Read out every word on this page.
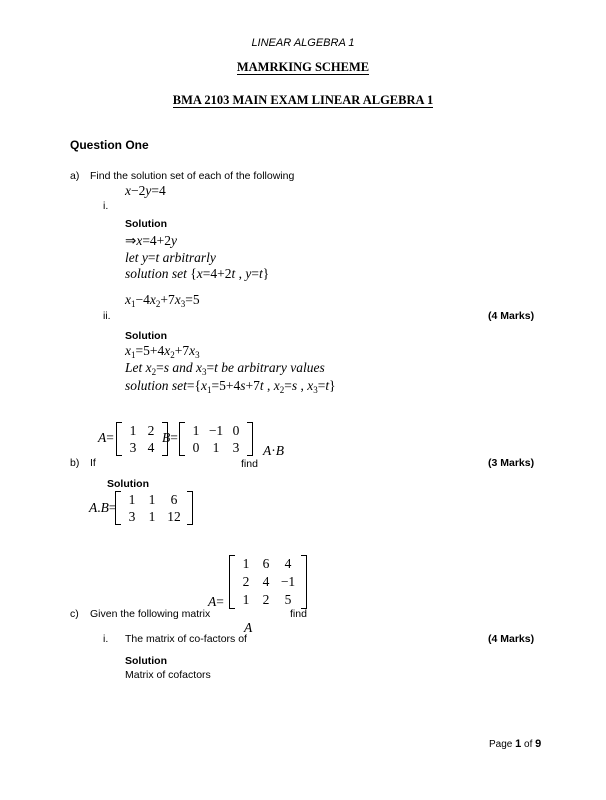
LINEAR ALGEBRA 1
MAMRKING SCHEME
BMA 2103 MAIN EXAM LINEAR ALGEBRA 1
Question One
a) Find the solution set of each of the following
x−2y=4
i.
Solution
⇒x=4+2y
let y=t arbitrarly
solution set {x=4+2t , y=t}
$x_1-4x_2+7x_3=5$
ii.	(4 Marks)
Solution
$x_1=5+4x_2+7x_3$
Let $x_2=s$ and $x_3=t$ be arbitrary values
solution $set=\{x_1=5+4s+7t$ , $x_2=s$ , $x_3=t$}
A=	1 2
3 4
B=	1 −1 0
0 1 3	A·B
b) If	find	(3 Marks)
Solution
A.B=
1 1	6
3 1 12
A=
1 6	4
2 4 −1
1 2	5
c) Given the following matrix	find
A
i. The matrix of co-factors of	(4 Marks)
Solution
Matrix of cofactors
Page 1 of 9
